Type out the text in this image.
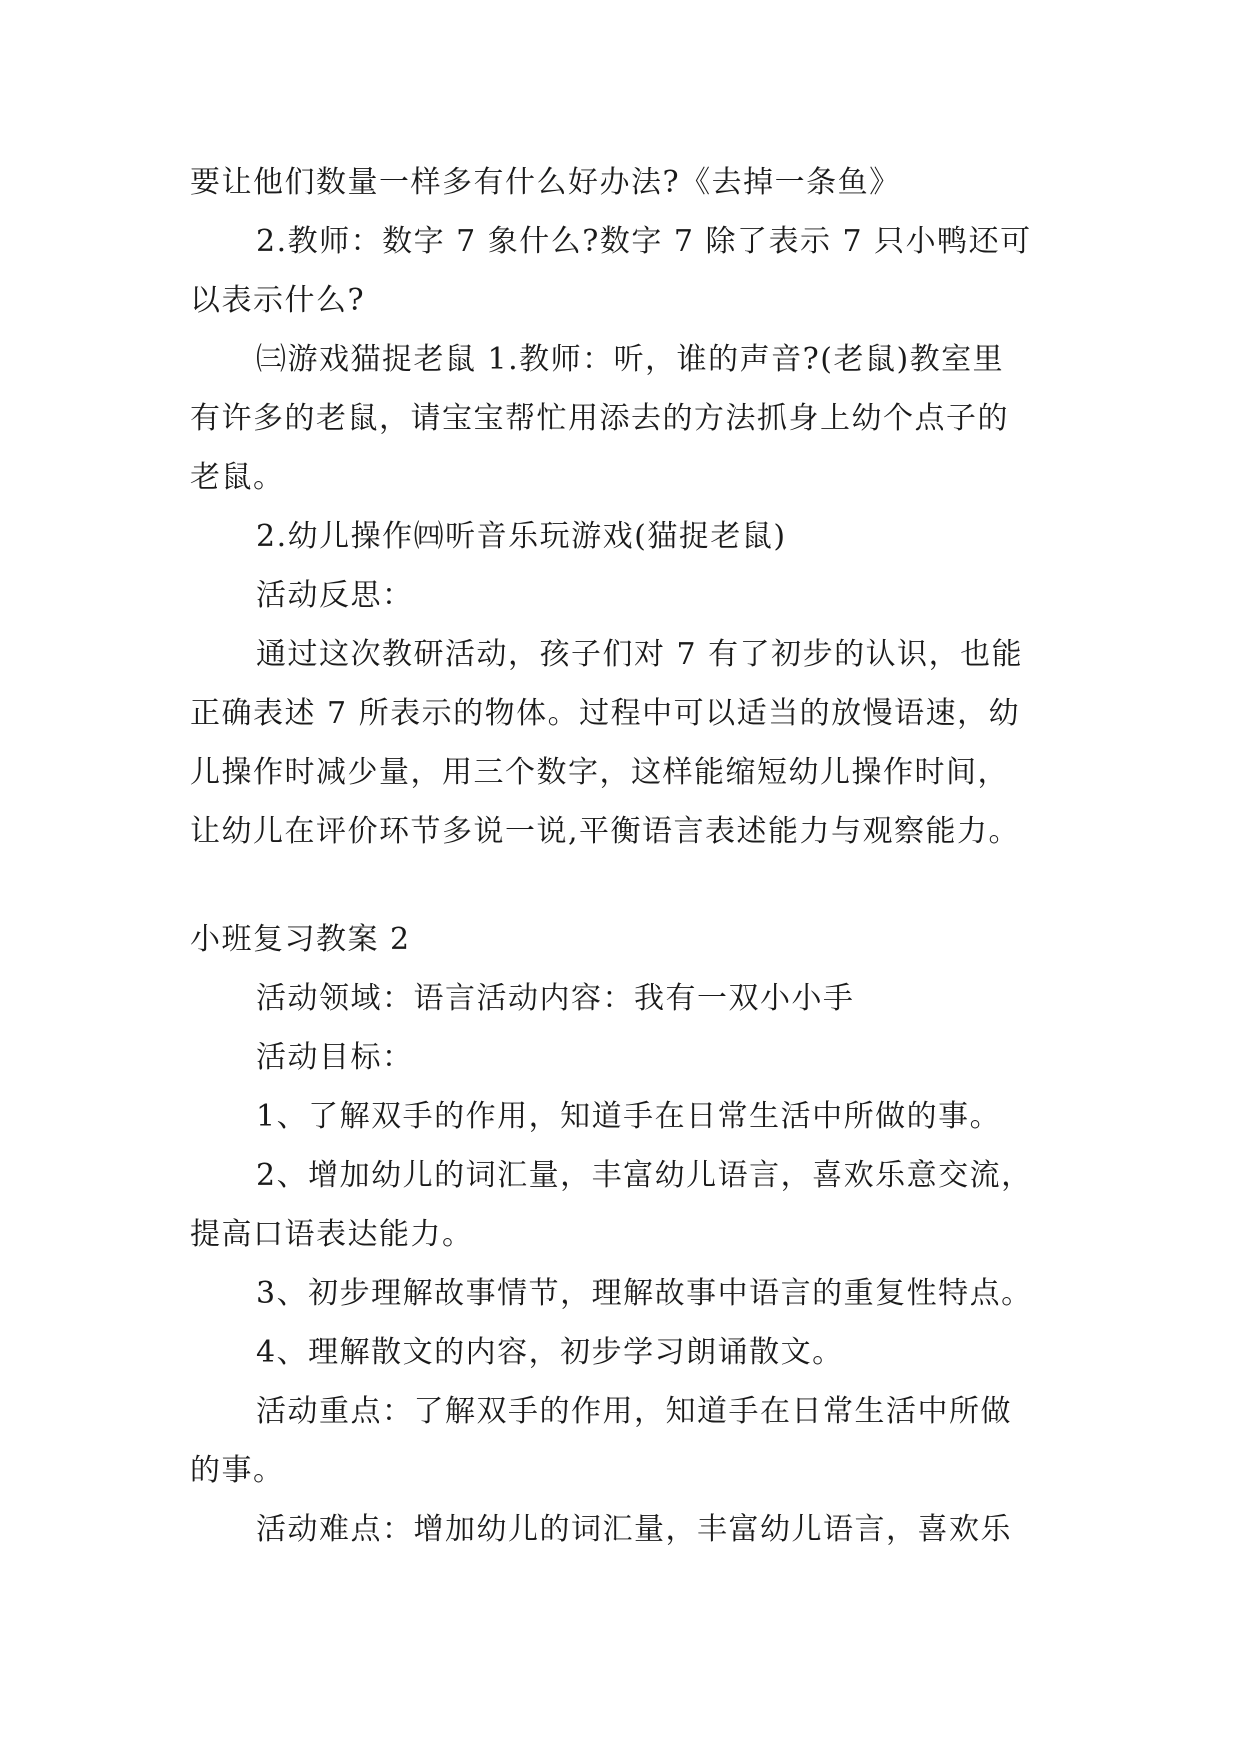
要让他们数量一样多有什么好办法?《去掉一条鱼》
2.教师：数字 7 象什么?数字 7 除了表示 7 只小鸭还可
以表示什么?
㈢游戏猫捉老鼠 1.教师：听，谁的声音?(老鼠)教室里
有许多的老鼠，请宝宝帮忙用添去的方法抓身上幼个点子的
老鼠。
2.幼儿操作㈣听音乐玩游戏(猫捉老鼠)
活动反思：
通过这次教研活动，孩子们对 7 有了初步的认识，也能
正确表述 7 所表示的物体。过程中可以适当的放慢语速，幼
儿操作时减少量，用三个数字，这样能缩短幼儿操作时间，
让幼儿在评价环节多说一说,平衡语言表述能力与观察能力。
小班复习教案 2
活动领域：语言活动内容：我有一双小小手
活动目标：
1、了解双手的作用，知道手在日常生活中所做的事。
2、增加幼儿的词汇量，丰富幼儿语言，喜欢乐意交流，
提高口语表达能力。
3、初步理解故事情节，理解故事中语言的重复性特点。
4、理解散文的内容，初步学习朗诵散文。
活动重点：了解双手的作用，知道手在日常生活中所做
的事。
活动难点：增加幼儿的词汇量，丰富幼儿语言，喜欢乐
